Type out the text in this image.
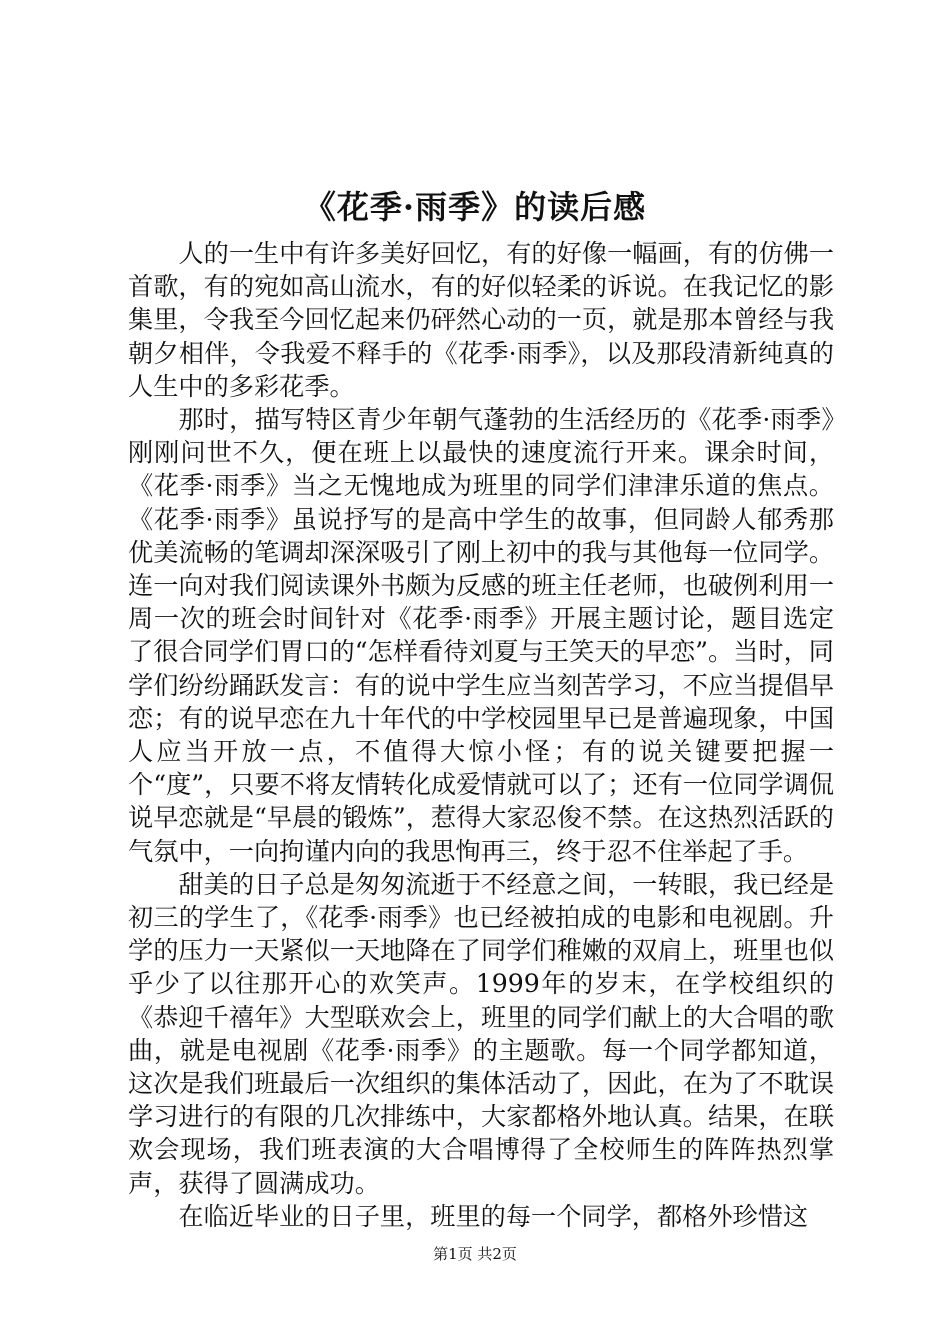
《花季·雨季》的读后感

人的一生中有许多美好回忆，有的好像一幅画，有的仿佛一首歌，有的宛如高山流水，有的好似轻柔的诉说。在我记忆的影集里，令我至今回忆起来仍砰然心动的一页，就是那本曾经与我朝夕相伴，令我爱不释手的《花季·雨季》，以及那段清新纯真的人生中的多彩花季。

那时，描写特区青少年朝气蓬勃的生活经历的《花季·雨季》刚刚问世不久，便在班上以最快的速度流行开来。课余时间，《花季·雨季》当之无愧地成为班里的同学们津津乐道的焦点。《花季·雨季》虽说抒写的是高中学生的故事，但同龄人郁秀那优美流畅的笔调却深深吸引了刚上初中的我与其他每一位同学。连一向对我们阅读课外书颇为反感的班主任老师，也破例利用一周一次的班会时间针对《花季·雨季》开展主题讨论，题目选定了很合同学们胃口的“怎样看待刘夏与王笑天的早恋”。当时，同学们纷纷踊跃发言：有的说中学生应当刻苦学习，不应当提倡早恋；有的说早恋在九十年代的中学校园里早已是普遍现象，中国人应当开放一点，不值得大惊小怪；有的说关键要把握一个“度”，只要不将友情转化成爱情就可以了；还有一位同学调侃说早恋就是“早晨的锻炼”，惹得大家忍俊不禁。在这热烈活跃的气氛中，一向拘谨内向的我思恂再三，终于忍不住举起了手。

甜美的日子总是匆匆流逝于不经意之间，一转眼，我已经是初三的学生了，《花季·雨季》也已经被拍成的电影和电视剧。升学的压力一天紧似一天地降在了同学们稚嫩的双肩上，班里也似乎少了以往那开心的欢笑声。1999年的岁末，在学校组织的《恭迎千禧年》大型联欢会上，班里的同学们献上的大合唱的歌曲，就是电视剧《花季·雨季》的主题歌。每一个同学都知道，这次是我们班最后一次组织的集体活动了，因此，在为了不耽误学习进行的有限的几次排练中，大家都格外地认真。结果，在联欢会现场，我们班表演的大合唱博得了全校师生的阵阵热烈掌声，获得了圆满成功。

在临近毕业的日子里，班里的每一个同学，都格外珍惜这

第1页 共2页
